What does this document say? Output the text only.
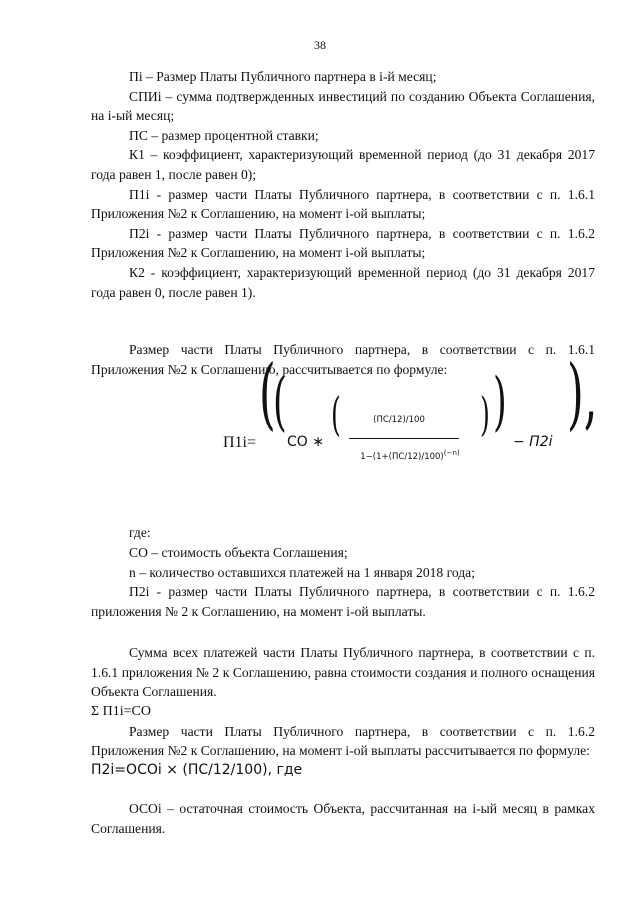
38

Пi – Размер Платы Публичного партнера в i-й месяц;

СПИi – сумма подтвержденных инвестиций по созданию Объекта Соглашения, на i-ый месяц;

ПС – размер процентной ставки;

К1 – коэффициент, характеризующий временной период (до 31 декабря 2017 года равен 1, после равен 0);

П1i - размер части Платы Публичного партнера, в соответствии с п. 1.6.1 Приложения №2 к Соглашению, на момент i-ой выплаты;

П2i - размер части Платы Публичного партнера, в соответствии с п. 1.6.2 Приложения №2 к Соглашению, на момент i-ой выплаты;

К2 - коэффициент, характеризующий временной период (до 31 декабря 2017 года равен 0, после равен 1).

Размер части Платы Публичного партнера, в соответствии с п. 1.6.1 Приложения №2 к Соглашению, рассчитывается по формуле:

П1i=
(
(
CO ∗
(	(ПС/12)/100
$1-(1+(ПС/12)/100)^{(-n)}$
) )
− П2i
),

где:

СО – стоимость объекта Соглашения;

n – количество оставшихся платежей на 1 января 2018 года;

П2i - размер части Платы Публичного партнера, в соответствии с п. 1.6.2 приложения № 2 к Соглашению, на момент i-ой выплаты.

Сумма всех платежей части Платы Публичного партнера, в соответствии с п. 1.6.1 приложения № 2 к Соглашению, равна стоимости создания и полного оснащения Объекта Соглашения.

Σ П1i=СО

Размер части Платы Публичного партнера, в соответствии с п. 1.6.2 Приложения №2 к Соглашению, на момент i-ой выплаты рассчитывается по формуле:

П2i=ОСОi × (ПС/12/100), где

ОСОi – остаточная стоимость Объекта, рассчитанная на i-ый месяц в рамках Соглашения.
